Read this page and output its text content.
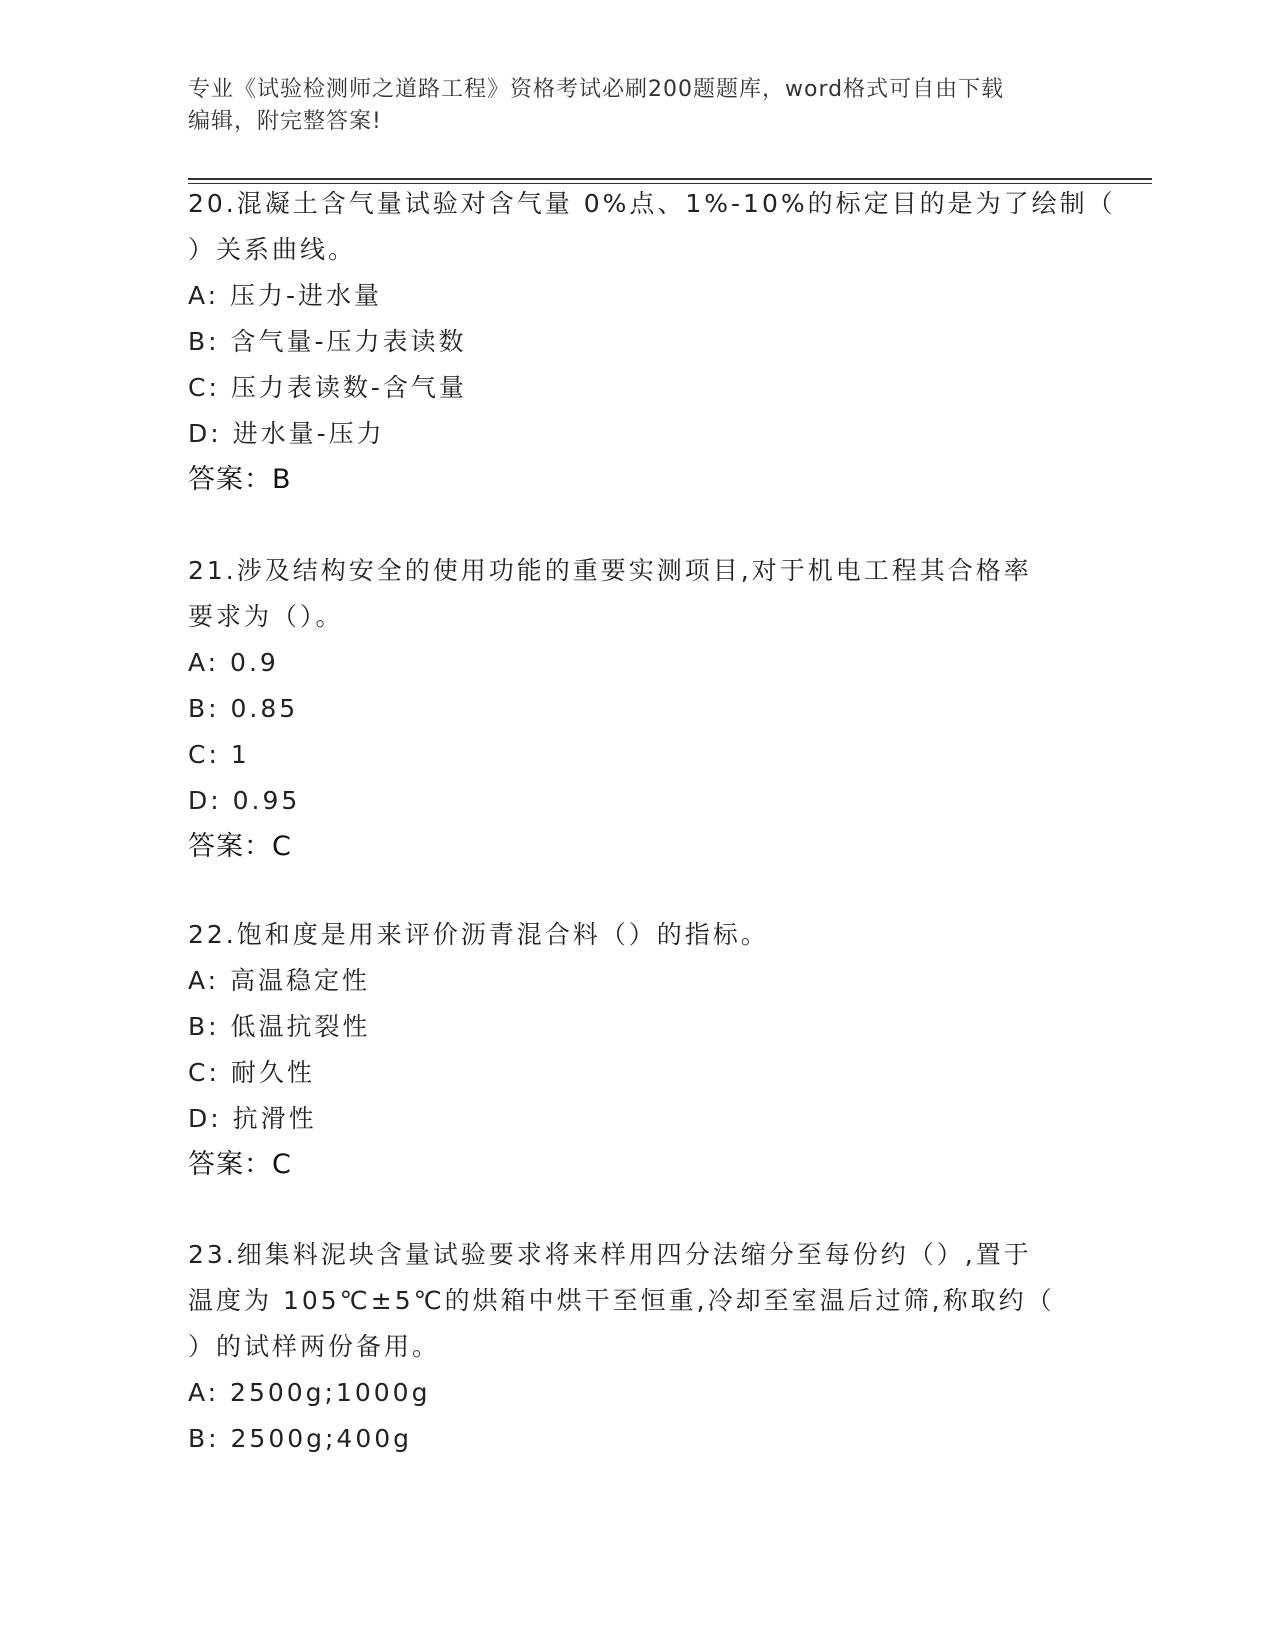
专业《试验检测师之道路工程》资格考试必刷200题题库，word格式可自由下载
编辑，附完整答案!
20.混凝土含气量试验对含气量 0%点、1%-10%的标定目的是为了绘制（
）关系曲线。
A: 压力-进水量
B: 含气量-压力表读数
C: 压力表读数-含气量
D: 进水量-压力
答案：B
21.涉及结构安全的使用功能的重要实测项目,对于机电工程其合格率
要求为（）。
A: 0.9
B: 0.85
C: 1
D: 0.95
答案：C
22.饱和度是用来评价沥青混合料（）的指标。
A: 高温稳定性
B: 低温抗裂性
C: 耐久性
D: 抗滑性
答案：C
23.细集料泥块含量试验要求将来样用四分法缩分至每份约（）,置于
温度为 105℃±5℃的烘箱中烘干至恒重,冷却至室温后过筛,称取约（
）的试样两份备用。
A: 2500g;1000g
B: 2500g;400g
